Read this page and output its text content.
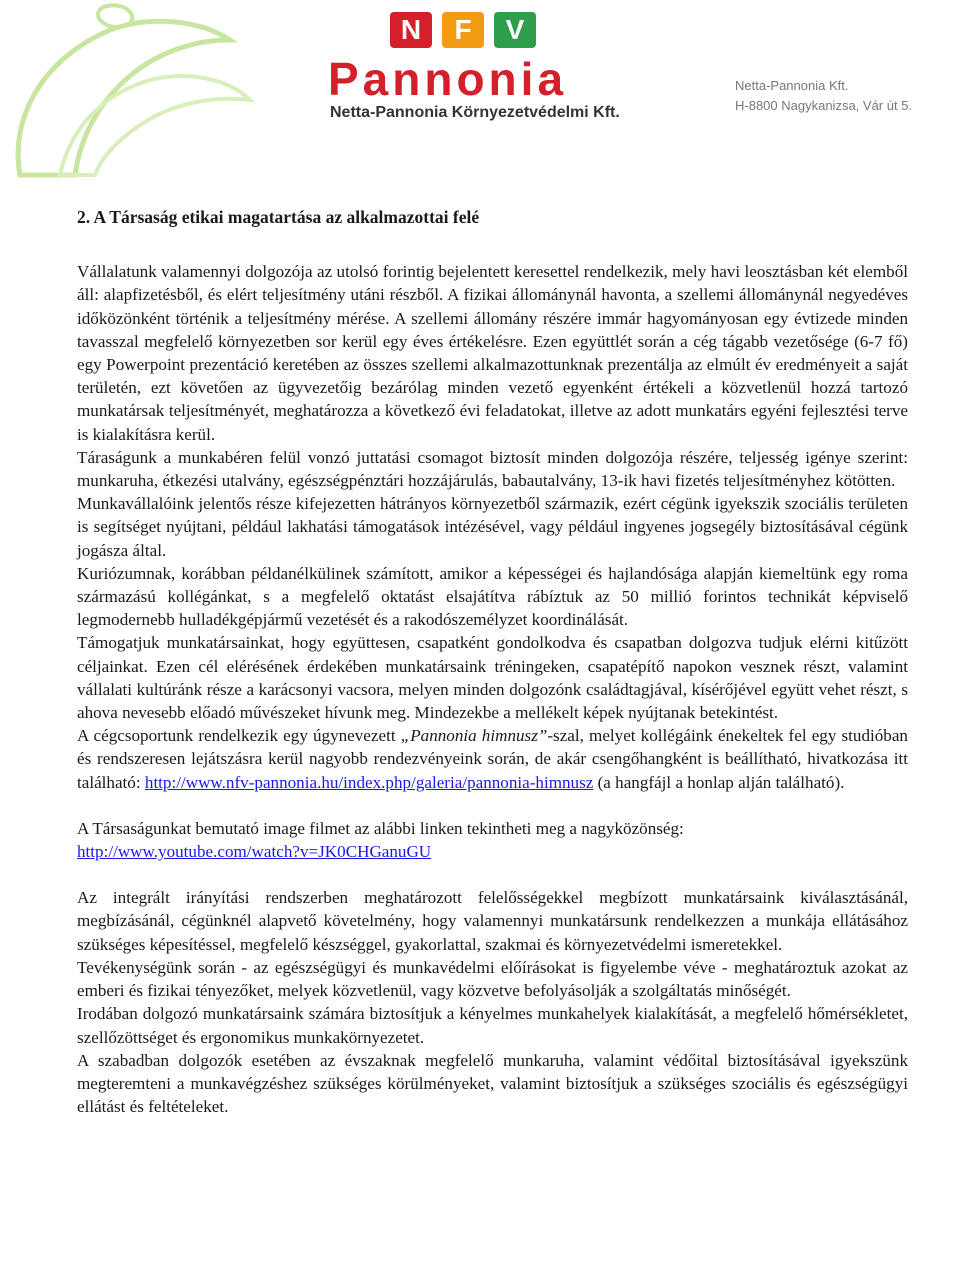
N	F	V
Pannonia
Netta-Pannonia Környezetvédelmi Kft.
Netta-Pannonia Kft.
H-8800 Nagykanizsa, Vár út 5.
2. A Társaság etikai magatartása az alkalmazottai felé

Vállalatunk valamennyi dolgozója az utolsó forintig bejelentett keresettel rendelkezik, mely havi leosztásban két elemből áll: alapfizetésből, és elért teljesítmény utáni részből. A fizikai állománynál havonta, a szellemi állománynál negyedéves időközönként történik a teljesítmény mérése. A szellemi állomány részére immár hagyományosan egy évtizede minden tavasszal megfelelő környezetben sor kerül egy éves értékelésre. Ezen együttlét során a cég tágabb vezetősége (6-7 fő) egy Powerpoint prezentáció keretében az összes szellemi alkalmazottunknak prezentálja az elmúlt év eredményeit a saját területén, ezt követően az ügyvezetőig bezárólag minden vezető egyenként értékeli a közvetlenül hozzá tartozó munkatársak teljesítményét, meghatározza a következő évi feladatokat, illetve az adott munkatárs egyéni fejlesztési terve is kialakításra kerül.

Táraságunk a munkabéren felül vonzó juttatási csomagot biztosít minden dolgozója részére, teljesség igénye szerint: munkaruha, étkezési utalvány, egészségpénztári hozzájárulás, babautalvány, 13-ik havi fizetés teljesítményhez kötötten.

Munkavállalóink jelentős része kifejezetten hátrányos környezetből származik, ezért cégünk igyekszik szociális területen is segítséget nyújtani, például lakhatási támogatások intézésével, vagy például ingyenes jogsegély biztosításával cégünk jogásza által.

Kuriózumnak, korábban példanélkülinek számított, amikor a képességei és hajlandósága alapján kiemeltünk egy roma származású kollégánkat, s a megfelelő oktatást elsajátítva rábíztuk az 50 millió forintos technikát képviselő legmodernebb hulladékgépjármű vezetését és a rakodószemélyzet koordinálását.

Támogatjuk munkatársainkat, hogy együttesen, csapatként gondolkodva és csapatban dolgozva tudjuk elérni kitűzött céljainkat. Ezen cél elérésének érdekében munkatársaink tréningeken, csapatépítő napokon vesznek részt, valamint vállalati kultúránk része a karácsonyi vacsora, melyen minden dolgozónk családtagjával, kísérőjével együtt vehet részt, s ahova nevesebb előadó művészeket hívunk meg. Mindezekbe a mellékelt képek nyújtanak betekintést.

A cégcsoportunk rendelkezik egy úgynevezett „Pannonia himnusz”-szal, melyet kollégáink énekeltek fel egy studióban és rendszeresen lejátszásra kerül nagyobb rendezvényeink során, de akár csengőhangként is beállítható, hivatkozása itt található: http://www.nfv-pannonia.hu/index.php/galeria/pannonia-himnusz (a hangfájl a honlap alján található).

A Társaságunkat bemutató image filmet az alábbi linken tekintheti meg a nagyközönség:

http://www.youtube.com/watch?v=JK0CHGanuGU

Az integrált irányítási rendszerben meghatározott felelősségekkel megbízott munkatársaink kiválasztásánál, megbízásánál, cégünknél alapvető követelmény, hogy valamennyi munkatársunk rendelkezzen a munkája ellátásához szükséges képesítéssel, megfelelő készséggel, gyakorlattal, szakmai és környezetvédelmi ismeretekkel.

Tevékenységünk során - az egészségügyi és munkavédelmi előírásokat is figyelembe véve - meghatároztuk azokat az emberi és fizikai tényezőket, melyek közvetlenül, vagy közvetve befolyásolják a szolgáltatás minőségét.

Irodában dolgozó munkatársaink számára biztosítjuk a kényelmes munkahelyek kialakítását, a megfelelő hőmérsékletet, szellőzöttséget és ergonomikus munkakörnyezetet.

A szabadban dolgozók esetében az évszaknak megfelelő munkaruha, valamint védőital biztosításával igyekszünk megteremteni a munkavégzéshez szükséges körülményeket, valamint biztosítjuk a szükséges szociális és egészségügyi ellátást és feltételeket.
